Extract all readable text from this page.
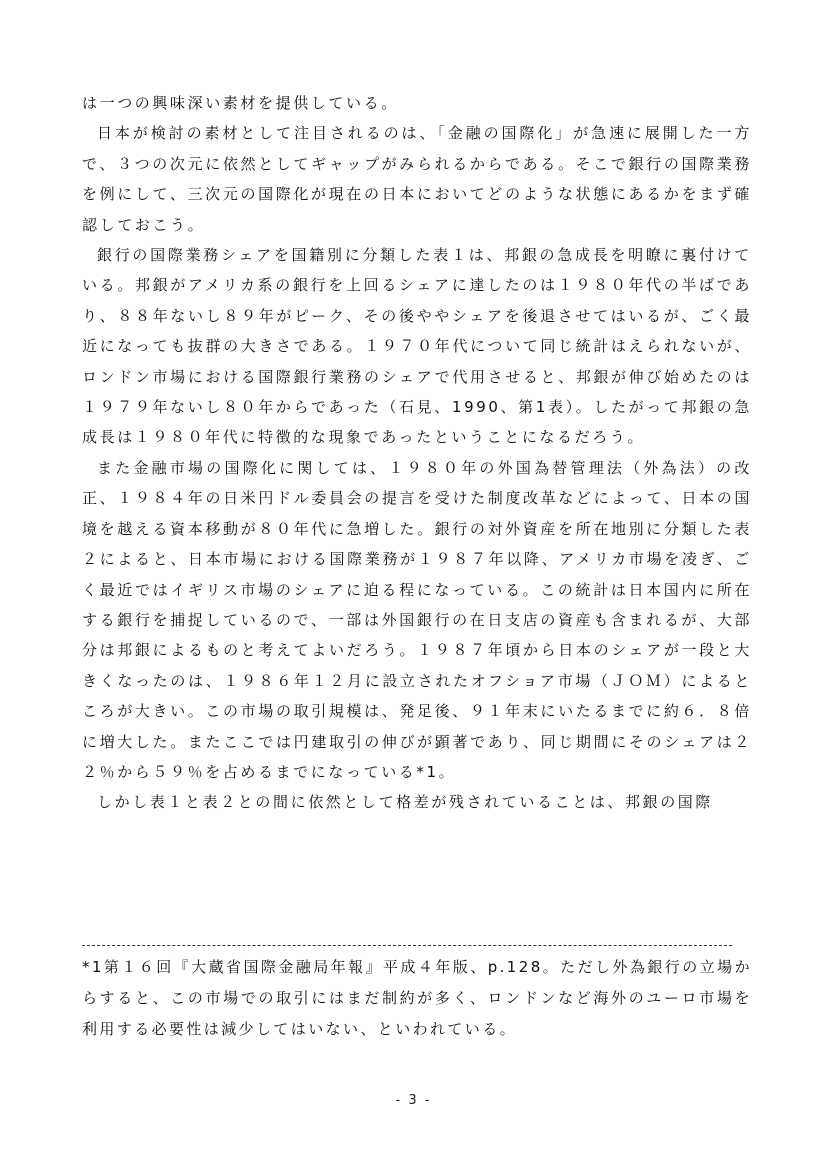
は一つの興味深い素材を提供している。

日本が検討の素材として注目されるのは、「金融の国際化」が急速に展開した一方で、３つの次元に依然としてギャップがみられるからである。そこで銀行の国際業務を例にして、三次元の国際化が現在の日本においてどのような状態にあるかをまず確認しておこう。

銀行の国際業務シェアを国籍別に分類した表１は、邦銀の急成長を明瞭に裏付けている。邦銀がアメリカ系の銀行を上回るシェアに達したのは１９８０年代の半ばであり、８８年ないし８９年がピーク、その後ややシェアを後退させてはいるが、ごく最近になっても抜群の大きさである。１９７０年代について同じ統計はえられないが、ロンドン市場における国際銀行業務のシェアで代用させると、邦銀が伸び始めたのは１９７９年ないし８０年からであった（石見、1990、第1表）。したがって邦銀の急成長は１９８０年代に特徴的な現象であったということになるだろう。

また金融市場の国際化に関しては、１９８０年の外国為替管理法（外為法）の改正、１９８４年の日米円ドル委員会の提言を受けた制度改革などによって、日本の国境を越える資本移動が８０年代に急増した。銀行の対外資産を所在地別に分類した表２によると、日本市場における国際業務が１９８７年以降、アメリカ市場を凌ぎ、ごく最近ではイギリス市場のシェアに迫る程になっている。この統計は日本国内に所在する銀行を捕捉しているので、一部は外国銀行の在日支店の資産も含まれるが、大部分は邦銀によるものと考えてよいだろう。１９８７年頃から日本のシェアが一段と大きくなったのは、１９８６年１２月に設立されたオフショア市場（ＪＯＭ）によるところが大きい。この市場の取引規模は、発足後、９１年末にいたるまでに約６．８倍に増大した。またここでは円建取引の伸びが顕著であり、同じ期間にそのシェアは２２％から５９％を占めるまでになっている*1。

しかし表１と表２との間に依然として格差が残されていることは、邦銀の国際

*1第１６回『大蔵省国際金融局年報』平成４年版、p.128。ただし外為銀行の立場からすると、この市場での取引にはまだ制約が多く、ロンドンなど海外のユーロ市場を利用する必要性は減少してはいない、といわれている。

- 3 -
